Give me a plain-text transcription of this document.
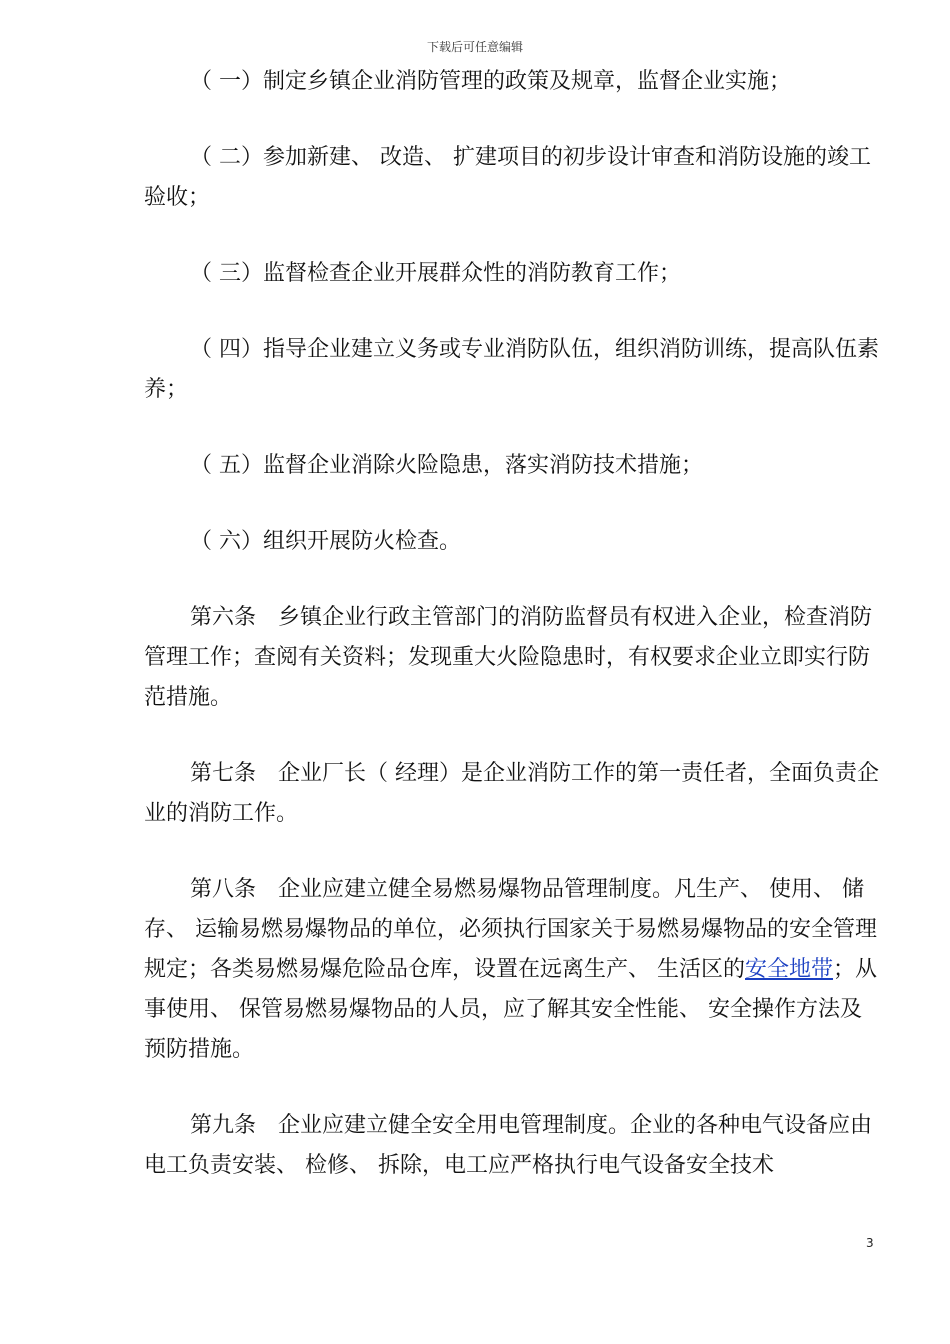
下载后可任意编辑

（ 一）制定乡镇企业消防管理的政策及规章，监督企业实施；

（ 二）参加新建、 改造、 扩建项目的初步设计审查和消防设施的竣工验收；

（ 三）监督检查企业开展群众性的消防教育工作；

（ 四）指导企业建立义务或专业消防队伍，组织消防训练，提高队伍素养；

（ 五）监督企业消除火险隐患，落实消防技术措施；

（ 六）组织开展防火检查。

第六条　乡镇企业行政主管部门的消防监督员有权进入企业，检查消防管理工作；查阅有关资料；发现重大火险隐患时，有权要求企业立即实行防范措施。

第七条　企业厂长（ 经理）是企业消防工作的第一责任者，全面负责企业的消防工作。

第八条　企业应建立健全易燃易爆物品管理制度。凡生产、 使用、 储存、 运输易燃易爆物品的单位，必须执行国家关于易燃易爆物品的安全管理规定；各类易燃易爆危险品仓库，设置在远离生产、 生活区的安全地带；从事使用、 保管易燃易爆物品的人员，应了解其安全性能、 安全操作方法及预防措施。

第九条　企业应建立健全安全用电管理制度。企业的各种电气设备应由电工负责安装、 检修、 拆除，电工应严格执行电气设备安全技术

3
